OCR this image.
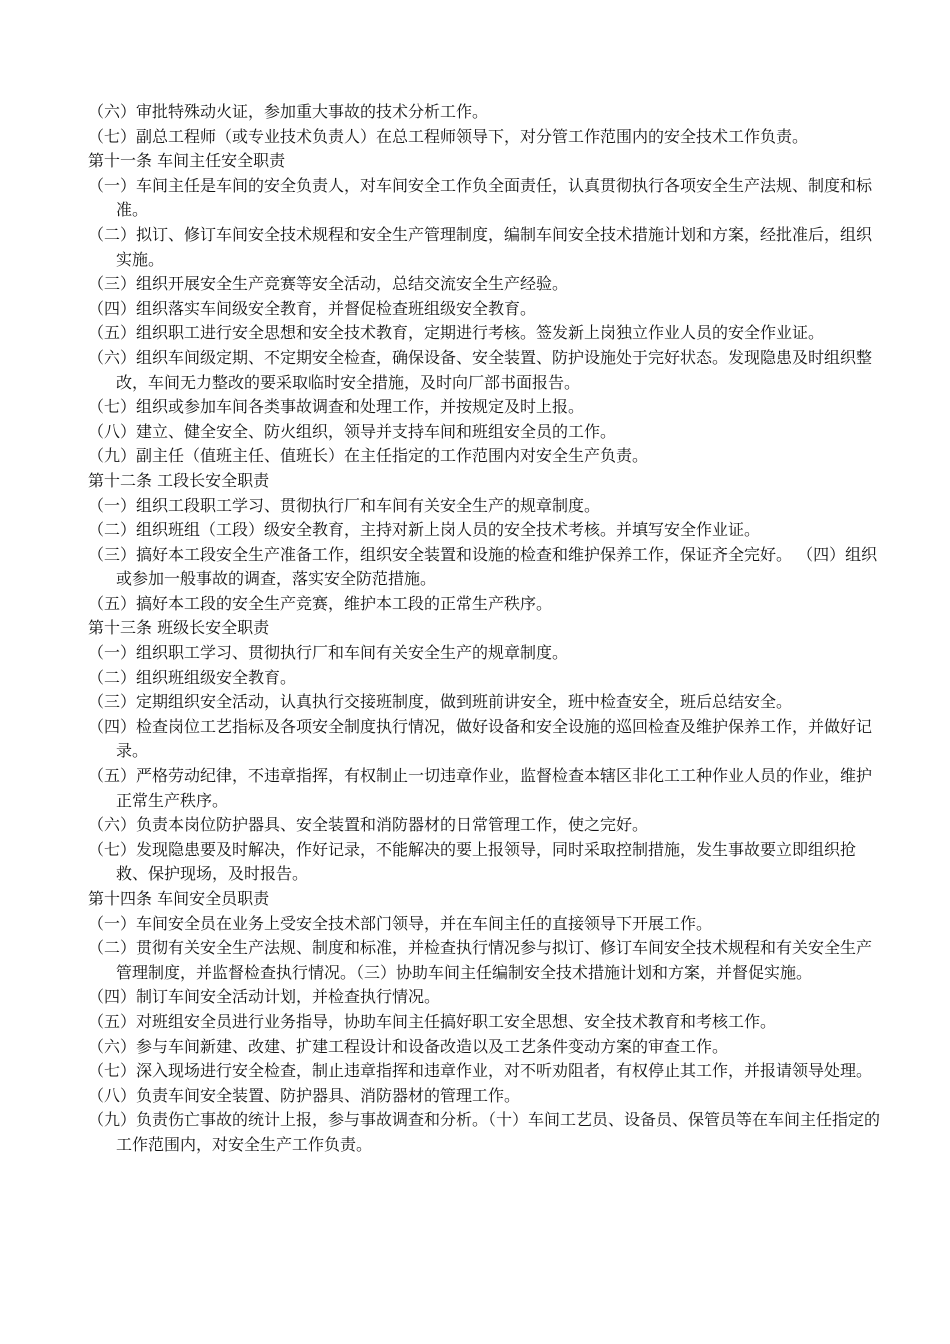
（六）审批特殊动火证，参加重大事故的技术分析工作。

（七）副总工程师（或专业技术负责人）在总工程师领导下，对分管工作范围内的安全技术工作负责。

第十一条 车间主任安全职责

（一）车间主任是车间的安全负责人，对车间安全工作负全面责任，认真贯彻执行各项安全生产法规、制度和标准。

（二）拟订、修订车间安全技术规程和安全生产管理制度，编制车间安全技术措施计划和方案，经批准后，组织实施。

（三）组织开展安全生产竞赛等安全活动，总结交流安全生产经验。

（四）组织落实车间级安全教育，并督促检查班组级安全教育。

（五）组织职工进行安全思想和安全技术教育，定期进行考核。签发新上岗独立作业人员的安全作业证。

（六）组织车间级定期、不定期安全检查，确保设备、安全装置、防护设施处于完好状态。发现隐患及时组织整改，车间无力整改的要采取临时安全措施，及时向厂部书面报告。

（七）组织或参加车间各类事故调查和处理工作，并按规定及时上报。

（八）建立、健全安全、防火组织，领导并支持车间和班组安全员的工作。

（九）副主任（值班主任、值班长）在主任指定的工作范围内对安全生产负责。

第十二条 工段长安全职责

（一）组织工段职工学习、贯彻执行厂和车间有关安全生产的规章制度。

（二）组织班组（工段）级安全教育，主持对新上岗人员的安全技术考核。并填写安全作业证。

（三）搞好本工段安全生产准备工作，组织安全装置和设施的检查和维护保养工作，保证齐全完好。 （四）组织或参加一般事故的调查，落实安全防范措施。

（五）搞好本工段的安全生产竞赛，维护本工段的正常生产秩序。

第十三条 班级长安全职责

（一）组织职工学习、贯彻执行厂和车间有关安全生产的规章制度。

（二）组织班组级安全教育。

（三）定期组织安全活动，认真执行交接班制度，做到班前讲安全，班中检查安全，班后总结安全。

（四）检查岗位工艺指标及各项安全制度执行情况，做好设备和安全设施的巡回检查及维护保养工作，并做好记录。

（五）严格劳动纪律，不违章指挥，有权制止一切违章作业，监督检查本辖区非化工工种作业人员的作业，维护正常生产秩序。

（六）负责本岗位防护器具、安全装置和消防器材的日常管理工作，使之完好。

（七）发现隐患要及时解决，作好记录，不能解决的要上报领导，同时采取控制措施，发生事故要立即组织抢救、保护现场，及时报告。

第十四条 车间安全员职责

（一）车间安全员在业务上受安全技术部门领导，并在车间主任的直接领导下开展工作。

（二）贯彻有关安全生产法规、制度和标准，并检查执行情况参与拟订、修订车间安全技术规程和有关安全生产管理制度，并监督检查执行情况。（三）协助车间主任编制安全技术措施计划和方案，并督促实施。

（四）制订车间安全活动计划，并检查执行情况。

（五）对班组安全员进行业务指导，协助车间主任搞好职工安全思想、安全技术教育和考核工作。

（六）参与车间新建、改建、扩建工程设计和设备改造以及工艺条件变动方案的审查工作。

（七）深入现场进行安全检查，制止违章指挥和违章作业，对不听劝阻者，有权停止其工作，并报请领导处理。

（八）负责车间安全装置、防护器具、消防器材的管理工作。

（九）负责伤亡事故的统计上报，参与事故调查和分析。（十）车间工艺员、设备员、保管员等在车间主任指定的工作范围内，对安全生产工作负责。
